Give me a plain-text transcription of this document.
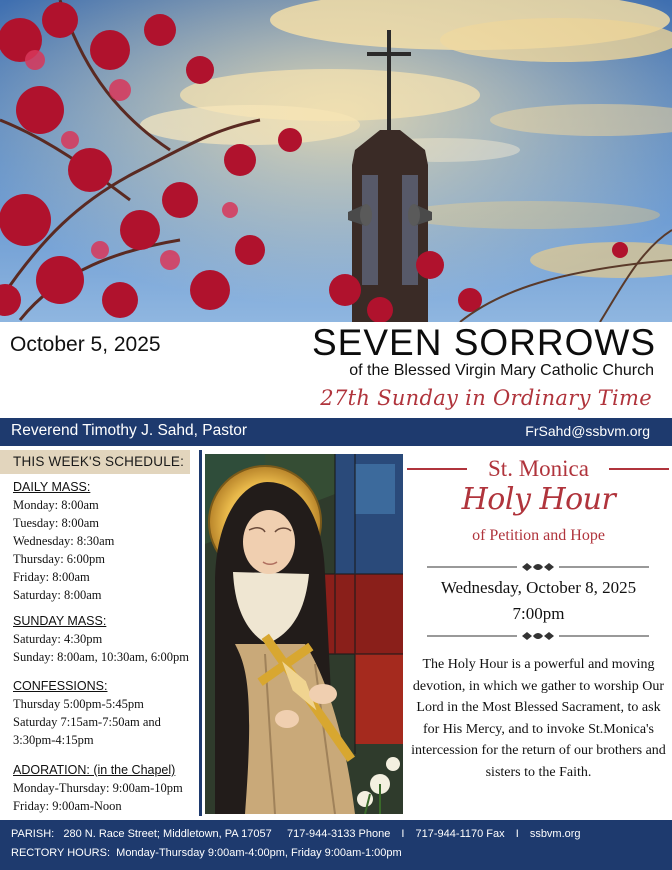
October 5, 2025	SEVEN SORROWS
of the Blessed Virgin Mary Catholic Church
27th Sunday in Ordinary Time
Reverend Timothy J. Sahd, Pastor	FrSahd@ssbvm.org
THIS WEEK'S SCHEDULE:
DAILY MASS:
Monday: 8:00am
Tuesday: 8:00am
Wednesday: 8:30am
Thursday: 6:00pm
Friday: 8:00am
Saturday: 8:00am
SUNDAY MASS:
Saturday: 4:30pm
Sunday: 8:00am, 10:30am, 6:00pm
CONFESSIONS:
Thursday 5:00pm-5:45pm
Saturday 7:15am-7:50am and
3:30pm-4:15pm
ADORATION: (in the Chapel)
Monday-Thursday: 9:00am-10pm
Friday: 9:00am-Noon
St. Monica
Holy Hour
of Petition and Hope
Wednesday, October 8, 2025
7:00pm
The Holy Hour is a powerful and moving devotion, in which we gather to worship Our Lord in the Most Blessed Sacrament, to ask for His Mercy, and to invoke St.Monica's intercession for the return of our brothers and sisters to the Faith.
PARISH: 280 N. Race Street; Middletown, PA 17057 717-944-3133 Phone I 717-944-1170 Fax I ssbvm.org
RECTORY HOURS: Monday-Thursday 9:00am-4:00pm, Friday 9:00am-1:00pm
